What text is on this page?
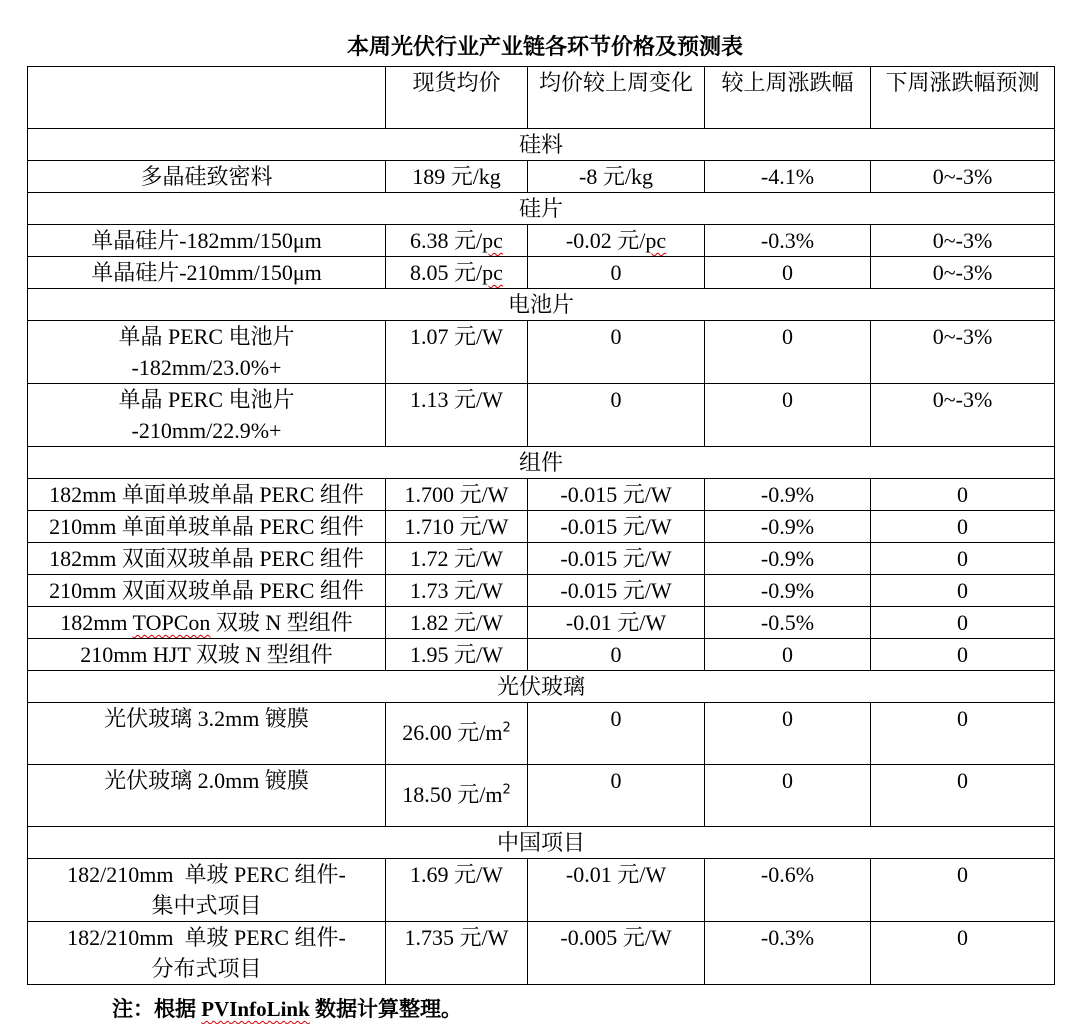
本周光伏行业产业链各环节价格及预测表
	现货均价	均价较上周变化	较上周涨跌幅	下周涨跌幅预测
硅料				
多晶硅致密料	189 元/kg	-8 元/kg	-4.1%	0~-3%
硅片				
单晶硅片-182mm/150μm	6.38 元/pc	-0.02 元/pc	-0.3%	0~-3%
单晶硅片-210mm/150μm	8.05 元/pc	0	0	0~-3%
电池片				

单晶 PERC 电池片
-182mm/23.0%+	1.07 元/W	0	0	0~-3%

单晶 PERC 电池片
-210mm/22.9%+	1.13 元/W	0	0	0~-3%
组件				
182mm 单面单玻单晶 PERC 组件	1.700 元/W	-0.015 元/W	-0.9%	0
210mm 单面单玻单晶 PERC 组件	1.710 元/W	-0.015 元/W	-0.9%	0
182mm 双面双玻单晶 PERC 组件	1.72 元/W	-0.015 元/W	-0.9%	0
210mm 双面双玻单晶 PERC 组件	1.73 元/W	-0.015 元/W	-0.9%	0
182mm TOPCon 双玻 N 型组件	1.82 元/W	-0.01 元/W	-0.5%	0
210mm HJT 双玻 N 型组件	1.95 元/W	0	0	0
光伏玻璃				
光伏玻璃 3.2mm 镀膜	26.00 元$/m^2$	0	0	0
光伏玻璃 2.0mm 镀膜	18.50 元$/m^2$	0	0	0
中国项目				

182/210mm  单玻 PERC 组件-
集中式项目	1.69 元/W	-0.01 元/W	-0.6%	0

182/210mm  单玻 PERC 组件-
分布式项目	1.735 元/W	-0.005 元/W	-0.3%	0
注：根据 PVInfoLink 数据计算整理。
